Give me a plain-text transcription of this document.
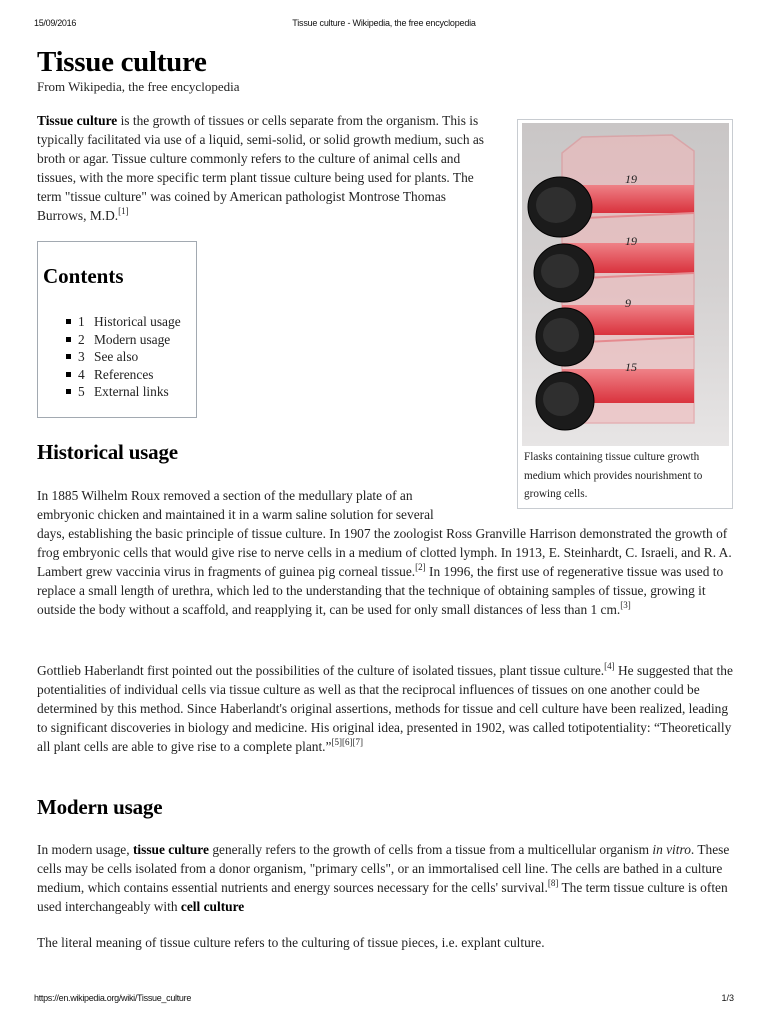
15/09/2016	Tissue culture - Wikipedia, the free encyclopedia
Tissue culture
From Wikipedia, the free encyclopedia
Tissue culture is the growth of tissues or cells separate from the organism. This is typically facilitated via use of a liquid, semi-solid, or solid growth medium, such as broth or agar. Tissue culture commonly refers to the culture of animal cells and tissues, with the more specific term plant tissue culture being used for plants. The term "tissue culture" was coined by American pathologist Montrose Thomas Burrows, M.D.[1]
Contents
1 Historical usage
2 Modern usage
3 See also
4 References
5 External links
19
19
9
15
Flasks containing tissue culture growth medium which provides nourishment to growing cells.
Historical usage
In 1885 Wilhelm Roux removed a section of the medullary plate of an embryonic chicken and maintained it in a warm saline solution for several
days, establishing the basic principle of tissue culture. In 1907 the zoologist Ross Granville Harrison demonstrated the growth of frog embryonic cells that would give rise to nerve cells in a medium of clotted lymph. In 1913, E. Steinhardt, C. Israeli, and R. A. Lambert grew vaccinia virus in fragments of guinea pig corneal tissue.[2] In 1996, the first use of regenerative tissue was used to replace a small length of urethra, which led to the understanding that the technique of obtaining samples of tissue, growing it outside the body without a scaffold, and reapplying it, can be used for only small distances of less than 1 cm.[3]
Gottlieb Haberlandt first pointed out the possibilities of the culture of isolated tissues, plant tissue culture.[4] He suggested that the potentialities of individual cells via tissue culture as well as that the reciprocal influences of tissues on one another could be determined by this method. Since Haberlandt's original assertions, methods for tissue and cell culture have been realized, leading to significant discoveries in biology and medicine. His original idea, presented in 1902, was called totipotentiality: “Theoretically all plant cells are able to give rise to a complete plant.”[5][6][7]
Modern usage
In modern usage, tissue culture generally refers to the growth of cells from a tissue from a multicellular organism in vitro. These cells may be cells isolated from a donor organism, "primary cells", or an immortalised cell line. The cells are bathed in a culture medium, which contains essential nutrients and energy sources necessary for the cells' survival.[8] The term tissue culture is often used interchangeably with cell culture
The literal meaning of tissue culture refers to the culturing of tissue pieces, i.e. explant culture.
https://en.wikipedia.org/wiki/Tissue_culture	1/3
